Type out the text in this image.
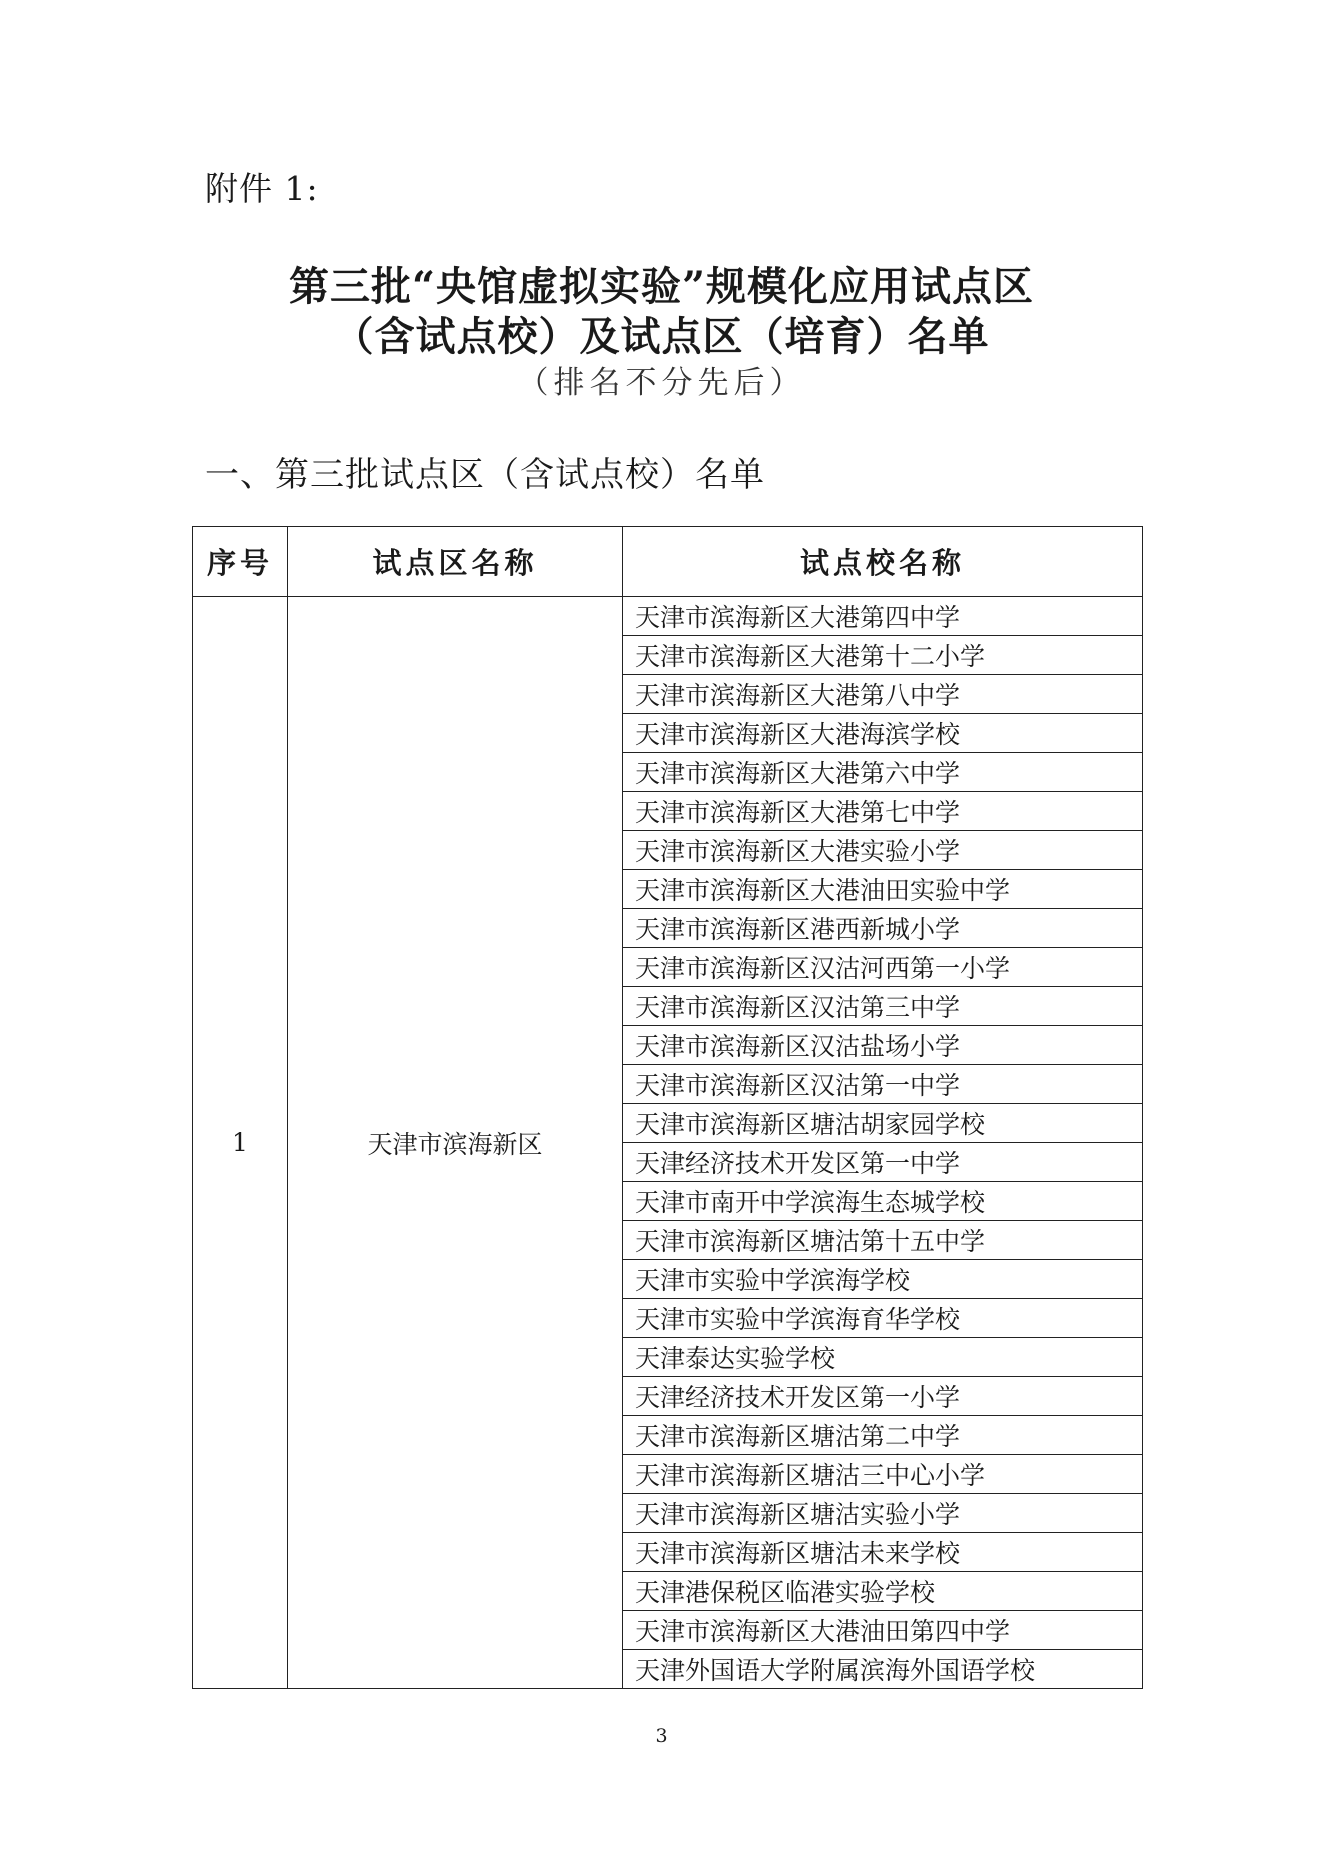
附件 1:
第三批“央馆虚拟实验”规模化应用试点区
（含试点校）及试点区（培育）名单
（排名不分先后）
一、第三批试点区（含试点校）名单
序号	试点区名称	试点校名称
1	天津市滨海新区	天津市滨海新区大港第四中学
		天津市滨海新区大港第十二小学
		天津市滨海新区大港第八中学
		天津市滨海新区大港海滨学校
		天津市滨海新区大港第六中学
		天津市滨海新区大港第七中学
		天津市滨海新区大港实验小学
		天津市滨海新区大港油田实验中学
		天津市滨海新区港西新城小学
		天津市滨海新区汉沽河西第一小学
		天津市滨海新区汉沽第三中学
		天津市滨海新区汉沽盐场小学
		天津市滨海新区汉沽第一中学
		天津市滨海新区塘沽胡家园学校
		天津经济技术开发区第一中学
		天津市南开中学滨海生态城学校
		天津市滨海新区塘沽第十五中学
		天津市实验中学滨海学校
		天津市实验中学滨海育华学校
		天津泰达实验学校
		天津经济技术开发区第一小学
		天津市滨海新区塘沽第二中学
		天津市滨海新区塘沽三中心小学
		天津市滨海新区塘沽实验小学
		天津市滨海新区塘沽未来学校
		天津港保税区临港实验学校
		天津市滨海新区大港油田第四中学
		天津外国语大学附属滨海外国语学校
3
